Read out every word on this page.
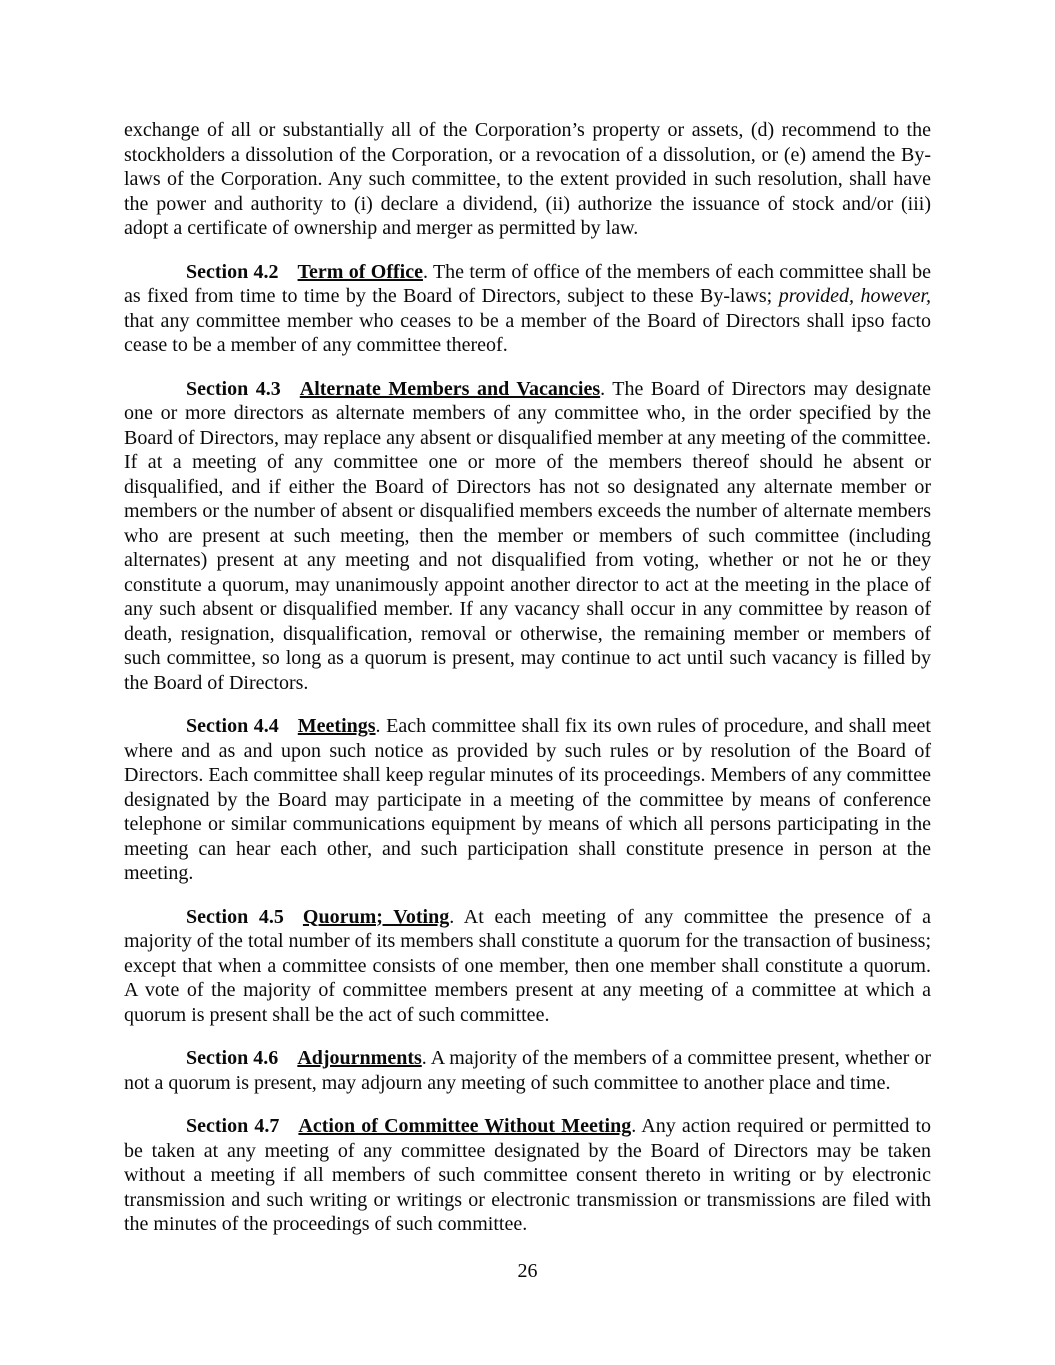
exchange of all or substantially all of the Corporation’s property or assets, (d) recommend to the stockholders a dissolution of the Corporation, or a revocation of a dissolution, or (e) amend the By-laws of the Corporation. Any such committee, to the extent provided in such resolution, shall have the power and authority to (i) declare a dividend, (ii) authorize the issuance of stock and/or (iii) adopt a certificate of ownership and merger as permitted by law.

Section 4.2 Term of Office. The term of office of the members of each committee shall be as fixed from time to time by the Board of Directors, subject to these By-laws; provided, however, that any committee member who ceases to be a member of the Board of Directors shall ipso facto cease to be a member of any committee thereof.

Section 4.3 Alternate Members and Vacancies. The Board of Directors may designate one or more directors as alternate members of any committee who, in the order specified by the Board of Directors, may replace any absent or disqualified member at any meeting of the committee. If at a meeting of any committee one or more of the members thereof should he absent or disqualified, and if either the Board of Directors has not so designated any alternate member or members or the number of absent or disqualified members exceeds the number of alternate members who are present at such meeting, then the member or members of such committee (including alternates) present at any meeting and not disqualified from voting, whether or not he or they constitute a quorum, may unanimously appoint another director to act at the meeting in the place of any such absent or disqualified member. If any vacancy shall occur in any committee by reason of death, resignation, disqualification, removal or otherwise, the remaining member or members of such committee, so long as a quorum is present, may continue to act until such vacancy is filled by the Board of Directors.

Section 4.4 Meetings. Each committee shall fix its own rules of procedure, and shall meet where and as and upon such notice as provided by such rules or by resolution of the Board of Directors. Each committee shall keep regular minutes of its proceedings. Members of any committee designated by the Board may participate in a meeting of the committee by means of conference telephone or similar communications equipment by means of which all persons participating in the meeting can hear each other, and such participation shall constitute presence in person at the meeting.

Section 4.5 Quorum; Voting. At each meeting of any committee the presence of a majority of the total number of its members shall constitute a quorum for the transaction of business; except that when a committee consists of one member, then one member shall constitute a quorum. A vote of the majority of committee members present at any meeting of a committee at which a quorum is present shall be the act of such committee.

Section 4.6 Adjournments. A majority of the members of a committee present, whether or not a quorum is present, may adjourn any meeting of such committee to another place and time.

Section 4.7 Action of Committee Without Meeting. Any action required or permitted to be taken at any meeting of any committee designated by the Board of Directors may be taken without a meeting if all members of such committee consent thereto in writing or by electronic transmission and such writing or writings or electronic transmission or transmissions are filed with the minutes of the proceedings of such committee.

26
